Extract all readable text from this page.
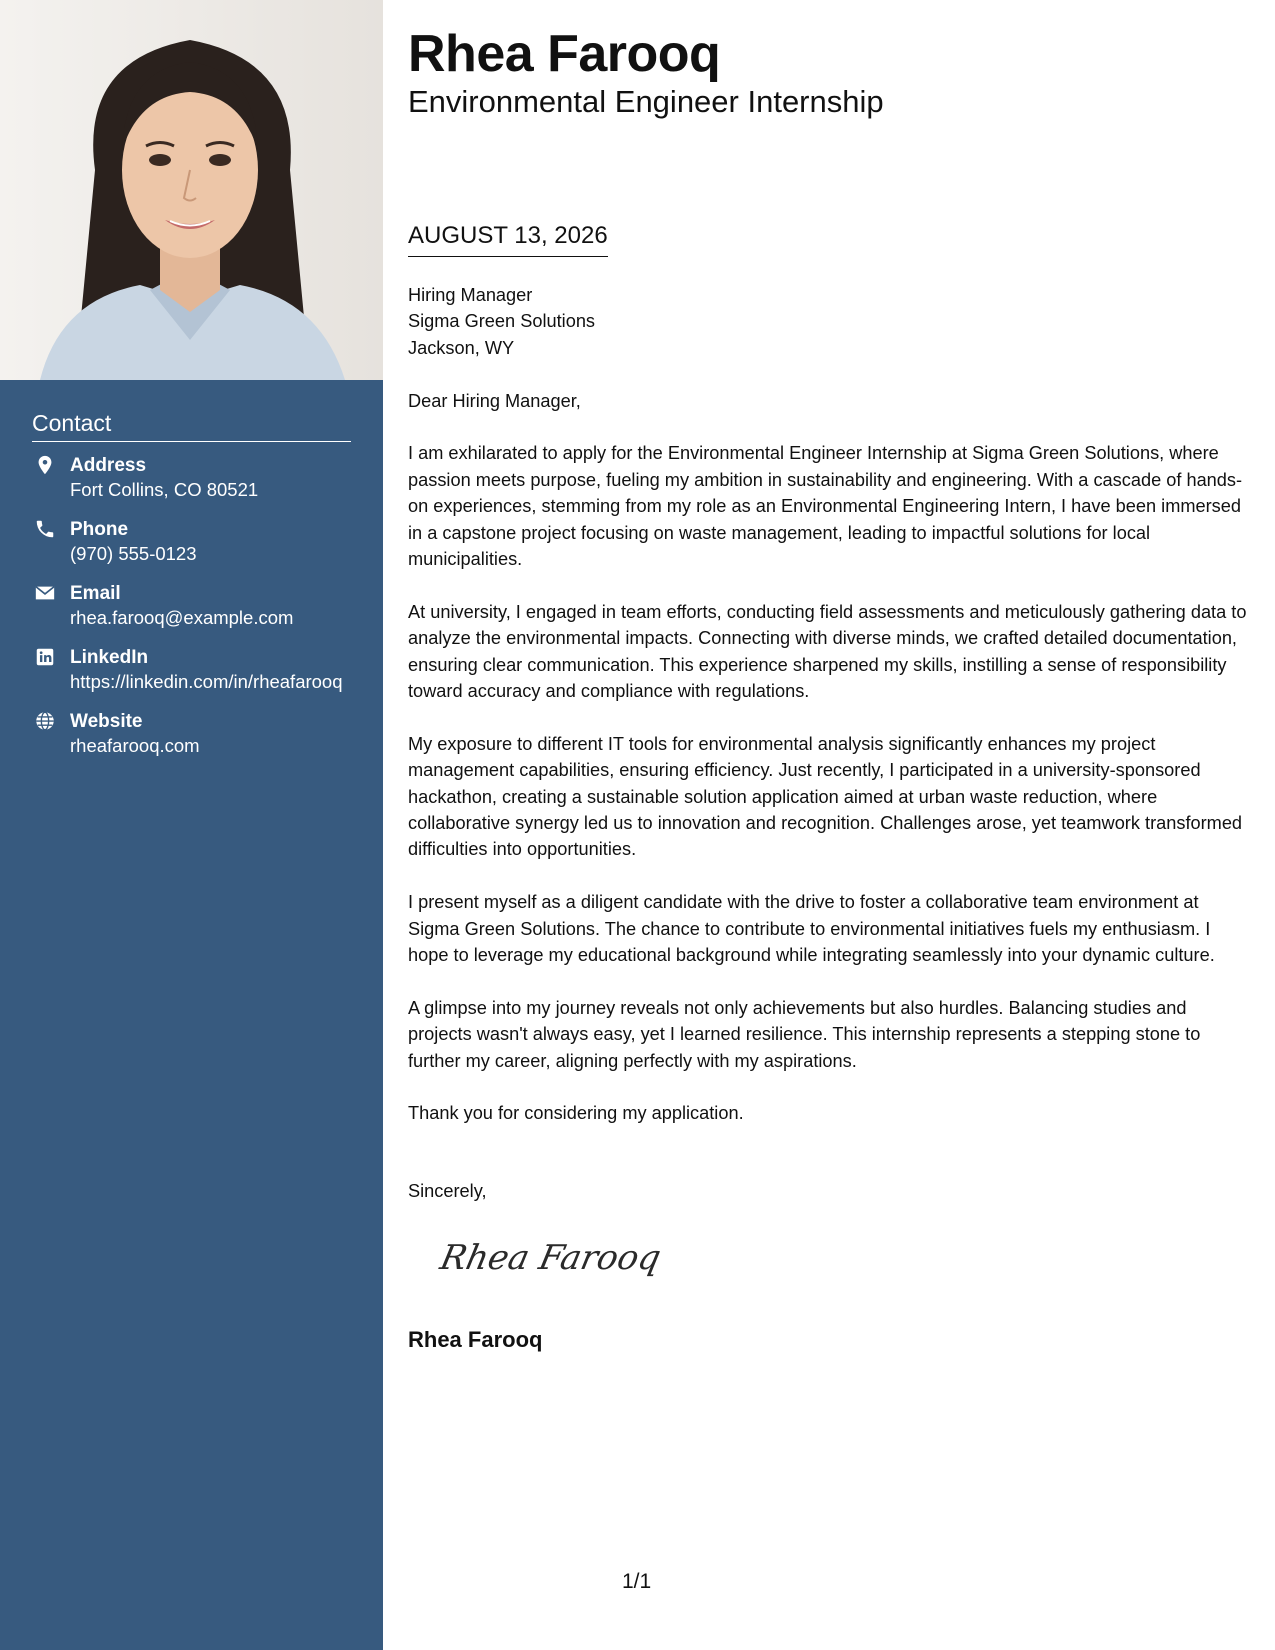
Contact
Address
Fort Collins, CO 80521
Phone
(970) 555-0123
Email
rhea.farooq@example.com
LinkedIn
https://linkedin.com/in/rheafarooq
Website
rheafarooq.com
Rhea Farooq
Environmental Engineer Internship
AUGUST 13, 2026
Hiring Manager
Sigma Green Solutions
Jackson, WY

Dear Hiring Manager,

I am exhilarated to apply for the Environmental Engineer Internship at Sigma Green Solutions, where passion meets purpose, fueling my ambition in sustainability and engineering. With a cascade of hands-on experiences, stemming from my role as an Environmental Engineering Intern, I have been immersed in a capstone project focusing on waste management, leading to impactful solutions for local municipalities.

At university, I engaged in team efforts, conducting field assessments and meticulously gathering data to analyze the environmental impacts. Connecting with diverse minds, we crafted detailed documentation, ensuring clear communication. This experience sharpened my skills, instilling a sense of responsibility toward accuracy and compliance with regulations.

My exposure to different IT tools for environmental analysis significantly enhances my project management capabilities, ensuring efficiency. Just recently, I participated in a university-sponsored hackathon, creating a sustainable solution application aimed at urban waste reduction, where collaborative synergy led us to innovation and recognition. Challenges arose, yet teamwork transformed difficulties into opportunities.

I present myself as a diligent candidate with the drive to foster a collaborative team environment at Sigma Green Solutions. The chance to contribute to environmental initiatives fuels my enthusiasm. I hope to leverage my educational background while integrating seamlessly into your dynamic culture.

A glimpse into my journey reveals not only achievements but also hurdles. Balancing studies and projects wasn't always easy, yet I learned resilience. This internship represents a stepping stone to further my career, aligning perfectly with my aspirations.

Thank you for considering my application.

Sincerely,
Rhea Farooq
Rhea Farooq
1/1
